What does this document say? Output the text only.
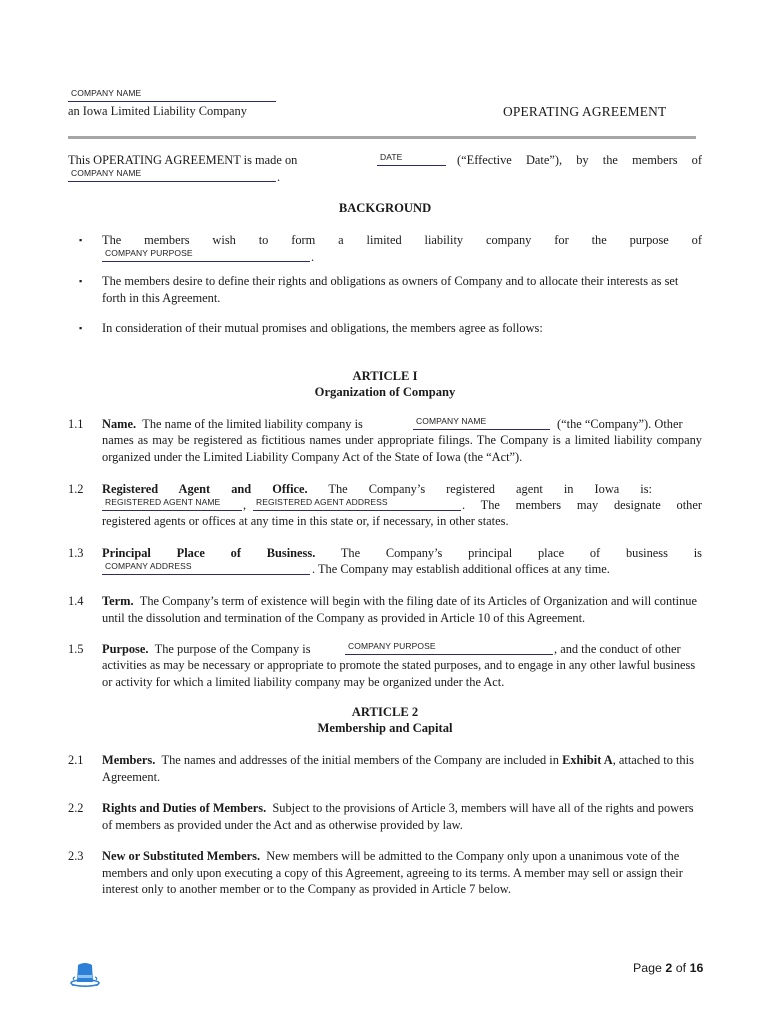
COMPANY NAME
an Iowa Limited Liability Company	OPERATING AGREEMENT
This OPERATING AGREEMENT is made on	DATE	(“Effective Date”), by the members of
COMPANY NAME	.
BACKGROUND
▪ The members wish to form a limited liability company for the purpose of
COMPANY PURPOSE	.
▪ The members desire to define their rights and obligations as owners of Company and to allocate their interests as set forth in this Agreement.
▪ In consideration of their mutual promises and obligations, the members agree as follows:
ARTICLE I
Organization of Company
1.1 Name. The name of the limited liability company is	COMPANY NAME	(“the “Company”). Other
names as may be registered as fictitious names under appropriate filings. The Company is a limited liability company organized under the Limited Liability Company Act of the State of Iowa (the “Act”).
1.2 Registered Agent and Office. The Company’s registered agent in Iowa is:
REGISTERED AGENT NAME , REGISTERED AGENT ADDRESS	. The members may designate other
registered agents or offices at any time in this state or, if necessary, in other states.
1.3 Principal Place of Business. The Company’s principal place of business is
COMPANY ADDRESS	. The Company may establish additional offices at any time.
1.4 Term. The Company’s term of existence will begin with the filing date of its Articles of Organization and will continue until the dissolution and termination of the Company as provided in Article 10 of this Agreement.
1.5 Purpose. The purpose of the Company is	COMPANY PURPOSE	, and the conduct of other
activities as may be necessary or appropriate to promote the stated purposes, and to engage in any other lawful business or activity for which a limited liability company may be organized under the Act.
ARTICLE 2
Membership and Capital
2.1 Members. The names and addresses of the initial members of the Company are included in Exhibit A, attached to this Agreement.
2.2 Rights and Duties of Members. Subject to the provisions of Article 3, members will have all of the rights and powers of members as provided under the Act and as otherwise provided by law.
2.3 New or Substituted Members. New members will be admitted to the Company only upon a unanimous vote of the members and only upon executing a copy of this Agreement, agreeing to its terms. A member may sell or assign their interest only to another member or to the Company as provided in Article 7 below.
Page 2 of 16
